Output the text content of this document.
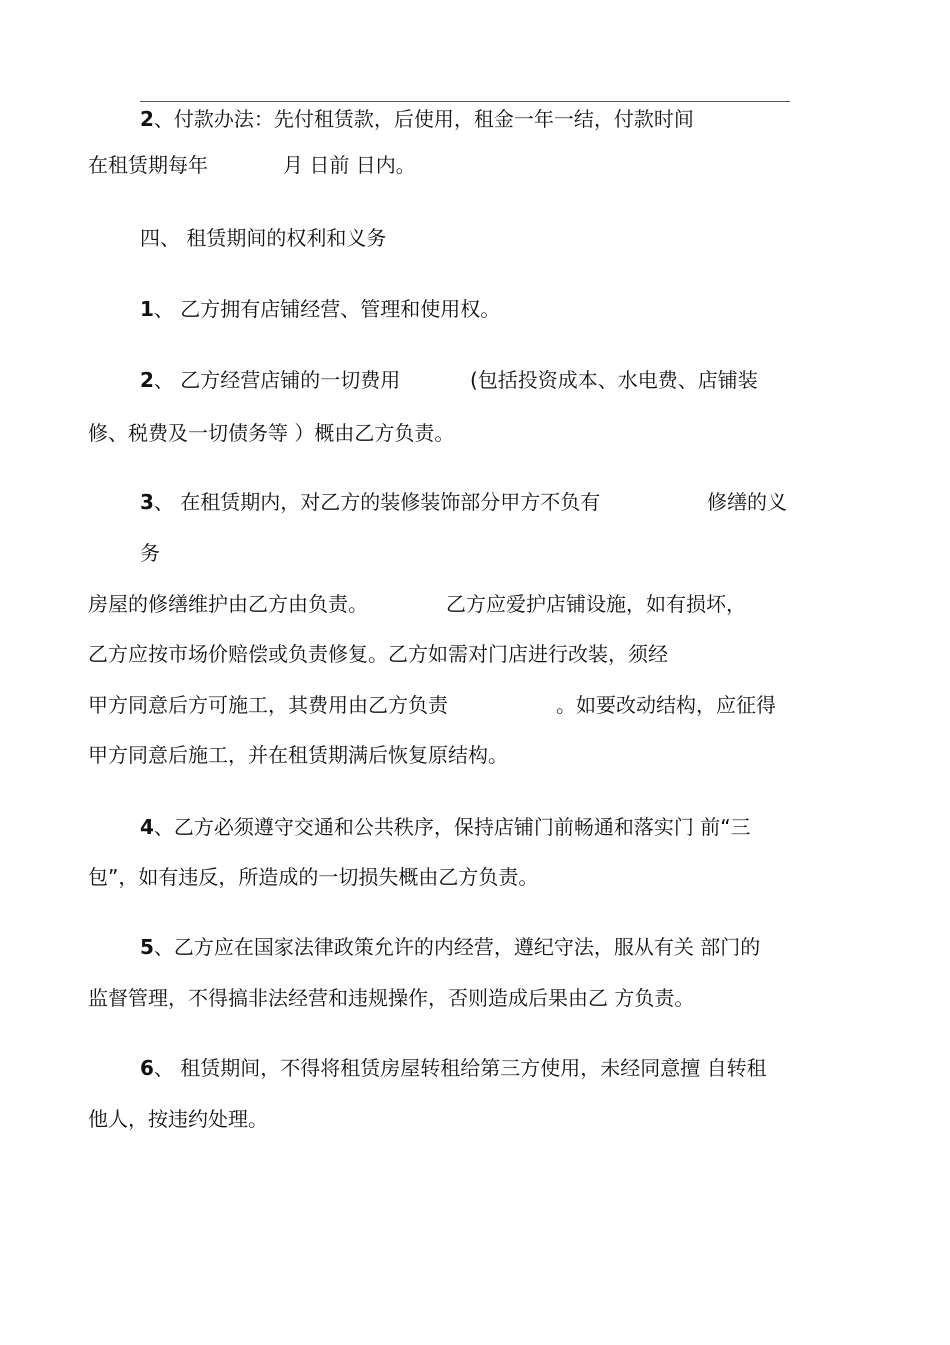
2、付款办法：先付租赁款，后使用，租金一年一结，付款时间
在租赁期每年	月 日前 日内。
四、 租赁期间的权利和义务
1、 乙方拥有店铺经营、管理和使用权。
2、 乙方经营店铺的一切费用	(包括投资成本、水电费、店铺装
修、税费及一切债务等 ）概由乙方负责。
3、 在租赁期内，对乙方的装修装饰部分甲方不负有	修缮的义
务
房屋的修缮维护由乙方由负责。	乙方应爱护店铺设施，如有损坏，
乙方应按市场价赔偿或负责修复。乙方如需对门店进行改装，须经
甲方同意后方可施工，其费用由乙方负责	。如要改动结构，应征得
甲方同意后施工，并在租赁期满后恢复原结构。
4、乙方必须遵守交通和公共秩序，保持店铺门前畅通和落实门 前“三
包”，如有违反，所造成的一切损失概由乙方负责。
5、乙方应在国家法律政策允许的内经营，遵纪守法，服从有关 部门的
监督管理，不得搞非法经营和违规操作，否则造成后果由乙 方负责。
6、 租赁期间，不得将租赁房屋转租给第三方使用，未经同意擅 自转租
他人，按违约处理。
